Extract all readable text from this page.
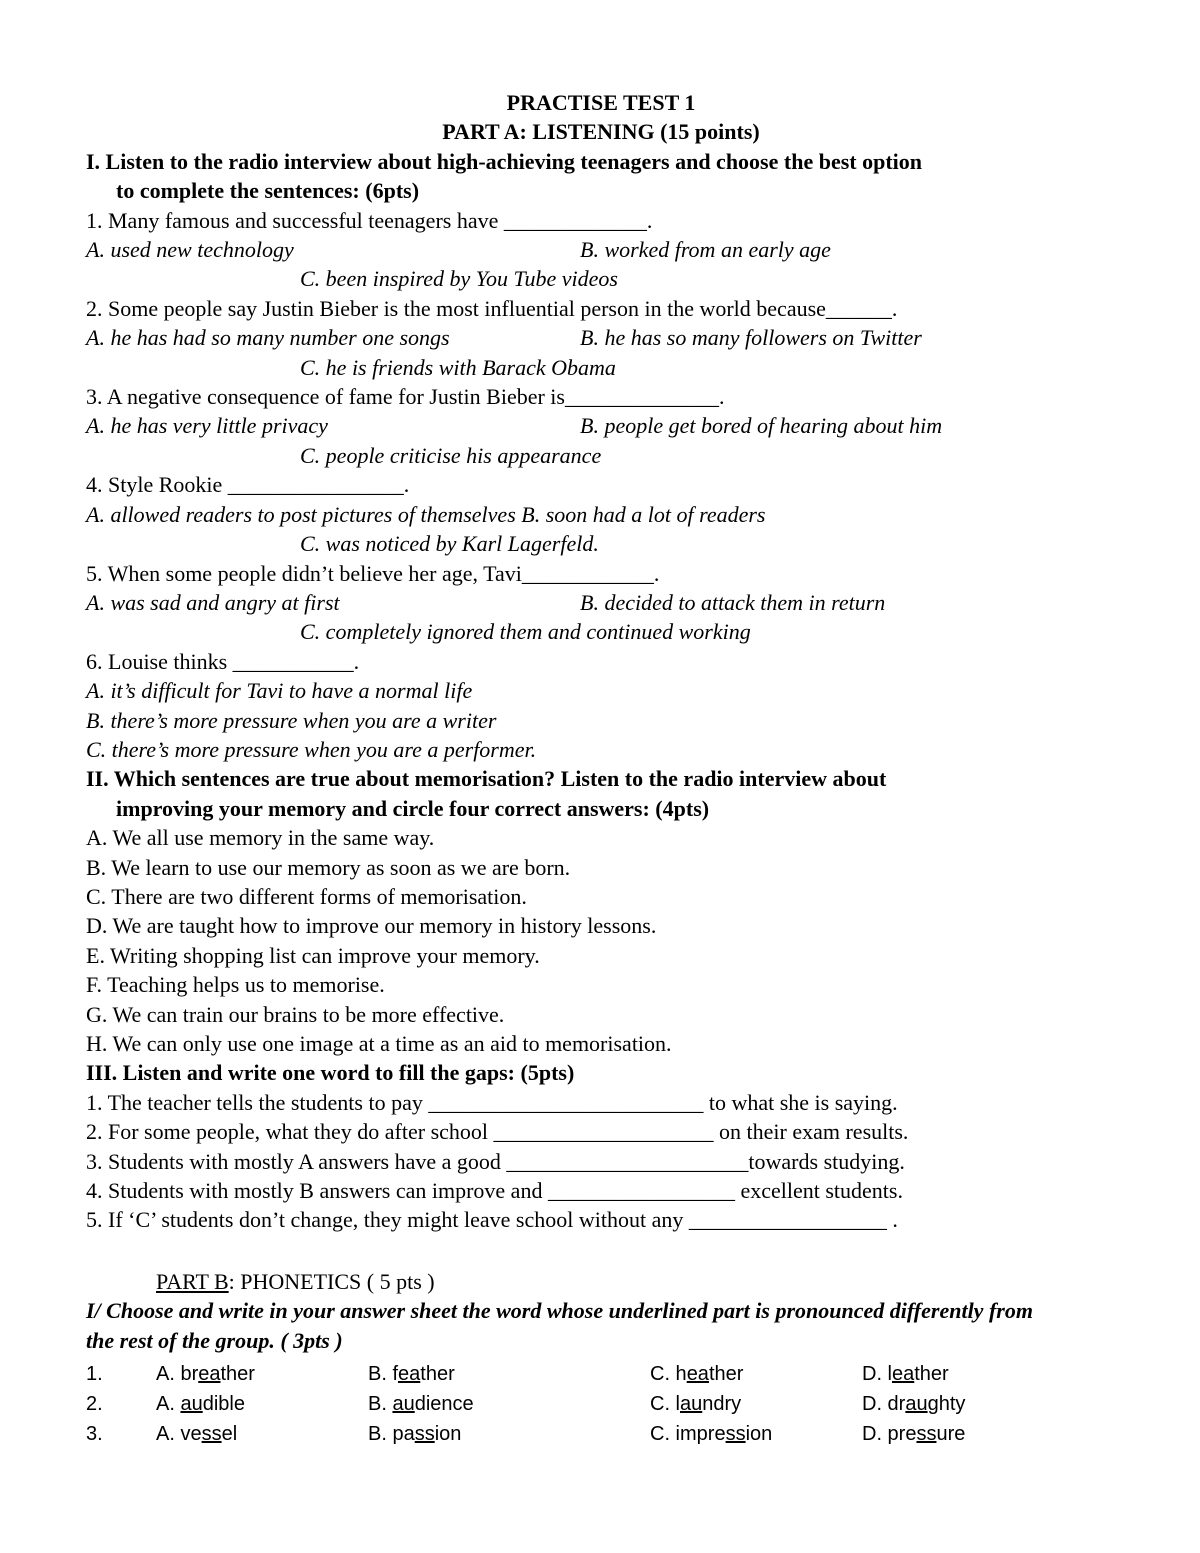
PRACTISE TEST 1
PART A: LISTENING (15 points)
I. Listen to the radio interview about high-achieving teenagers and choose the best option
to complete the sentences: (6pts)
1. Many famous and successful teenagers have _____________.
A. used new technology	B. worked from an early age
C. been inspired by You Tube videos
2. Some people say Justin Bieber is the most influential person in the world because______.
A. he has had so many number one songs	B. he has so many followers on Twitter
C. he is friends with Barack Obama
3. A negative consequence of fame for Justin Bieber is______________.
A. he has very little privacy	B. people get bored of hearing about him
C. people criticise his appearance
4. Style Rookie ________________.
A. allowed readers to post pictures of themselves B. soon had a lot of readers
C. was noticed by Karl Lagerfeld.
5. When some people didn’t believe her age, Tavi____________.
A. was sad and angry at first	B. decided to attack them in return
C. completely ignored them and continued working
6. Louise thinks ___________.
A. it’s difficult for Tavi to have a normal life
B. there’s more pressure when you are a writer
C. there’s more pressure when you are a performer.
II. Which sentences are true about memorisation? Listen to the radio interview about
improving your memory and circle four correct answers: (4pts)
A. We all use memory in the same way.
B. We learn to use our memory as soon as we are born.
C. There are two different forms of memorisation.
D. We are taught how to improve our memory in history lessons.
E. Writing shopping list can improve your memory.
F. Teaching helps us to memorise.
G. We can train our brains to be more effective.
H. We can only use one image at a time as an aid to memorisation.
III. Listen and write one word to fill the gaps: (5pts)
1. The teacher tells the students to pay _________________________ to what she is saying.
2. For some people, what they do after school ____________________ on their exam results.
3. Students with mostly A answers have a good ______________________towards studying.
4. Students with mostly B answers can improve and _________________ excellent students.
5. If ‘C’ students don’t change, they might leave school without any __________________ .
PART B: PHONETICS ( 5 pts )
I/ Choose and write in your answer sheet the word whose underlined part is pronounced differently from
the rest of the group. ( 3pts )
1.	A. breather	B. feather	C. heather	D. leather
2.	A. audible	B. audience	C. laundry	D. draughty
3.	A. vessel	B. passion	C. impression	D. pressure
